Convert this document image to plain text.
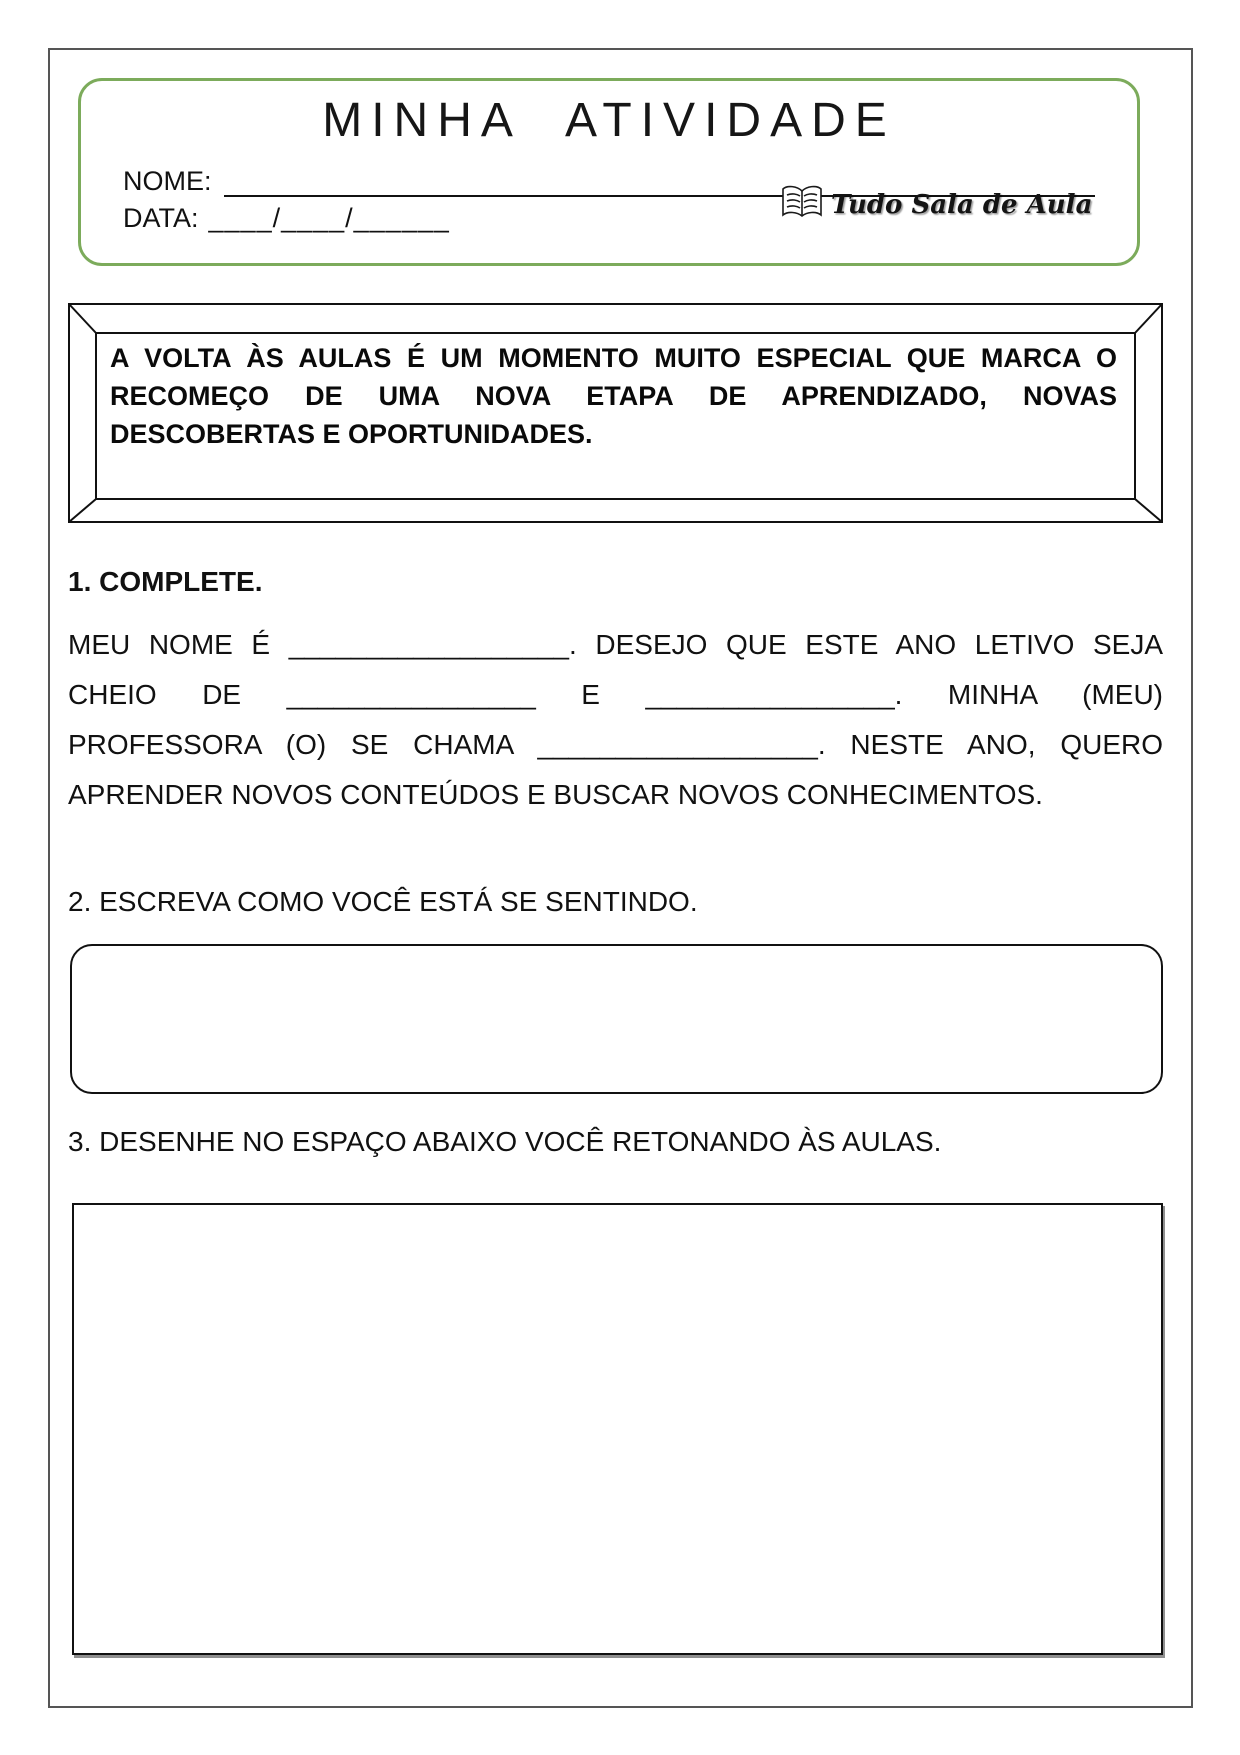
MINHA ATIVIDADE
NOME:
DATA: ____/____/______	Tudo Sala de Aula
A VOLTA ÀS AULAS É UM MOMENTO MUITO ESPECIAL QUE MARCA O
RECOMEÇO DE UMA NOVA ETAPA DE APRENDIZADO, NOVAS
DESCOBERTAS E OPORTUNIDADES.
1. COMPLETE.
MEU NOME É __________________. DESEJO QUE ESTE ANO LETIVO SEJA
CHEIO DE ________________ E ________________. MINHA (MEU)
PROFESSORA (O) SE CHAMA __________________. NESTE ANO, QUERO
APRENDER NOVOS CONTEÚDOS E BUSCAR NOVOS CONHECIMENTOS.
2. ESCREVA COMO VOCÊ ESTÁ SE SENTINDO.
3. DESENHE NO ESPAÇO ABAIXO VOCÊ RETONANDO ÀS AULAS.
